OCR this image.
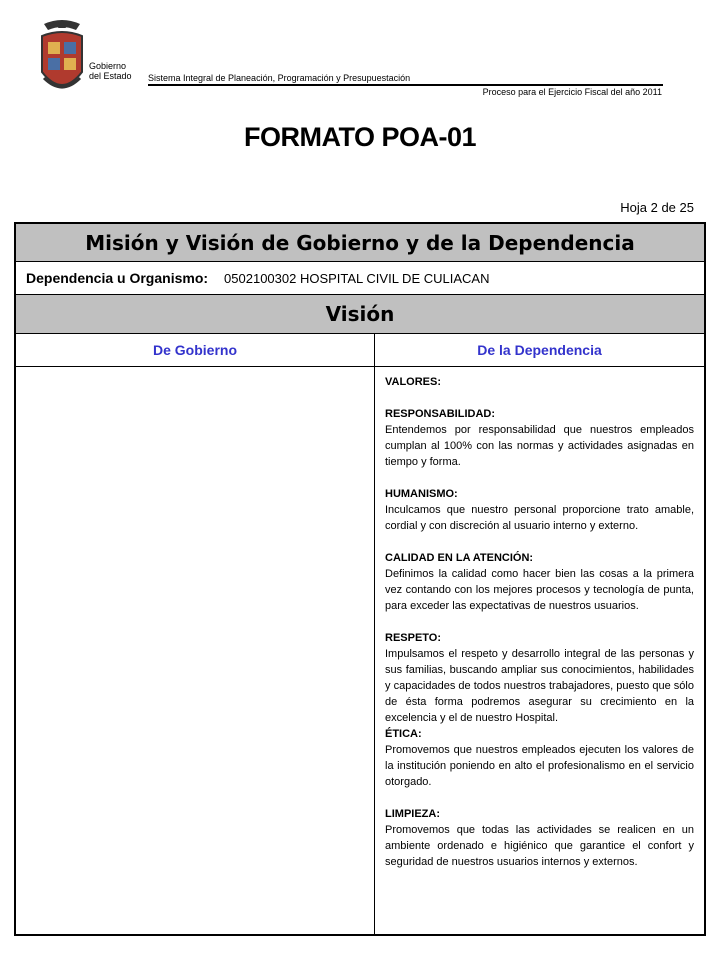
Gobierno
del Estado Sistema Integral de Planeación, Programación y Presupuestación
Proceso para el Ejercicio Fiscal del año 2011
FORMATO POA-01
Hoja 2 de 25
Misión y Visión de Gobierno y de la Dependencia
Dependencia u Organismo: 0502100302 HOSPITAL CIVIL DE CULIACAN
Visión
De Gobierno	De la Dependencia

VALORES:

RESPONSABILIDAD:

Entendemos por responsabilidad que nuestros empleados cumplan al 100% con las normas y actividades asignadas en tiempo y forma.

HUMANISMO:

Inculcamos que nuestro personal proporcione trato amable, cordial y con discreción al usuario interno y externo.

CALIDAD EN LA ATENCIÓN:

Definimos la calidad como hacer bien las cosas a la primera vez contando con los mejores procesos y tecnología de punta, para exceder las expectativas de nuestros usuarios.

RESPETO:

Impulsamos el respeto y desarrollo integral de las personas y sus familias, buscando ampliar sus conocimientos, habilidades y capacidades de todos nuestros trabajadores, puesto que sólo de ésta forma podremos asegurar su crecimiento en la excelencia y el de nuestro Hospital.

ÉTICA:

Promovemos que nuestros empleados ejecuten los valores de la institución poniendo en alto el profesionalismo en el servicio otorgado.

LIMPIEZA:

Promovemos que todas las actividades se realicen en un ambiente ordenado e higiénico que garantice el confort y seguridad de nuestros usuarios internos y externos.
